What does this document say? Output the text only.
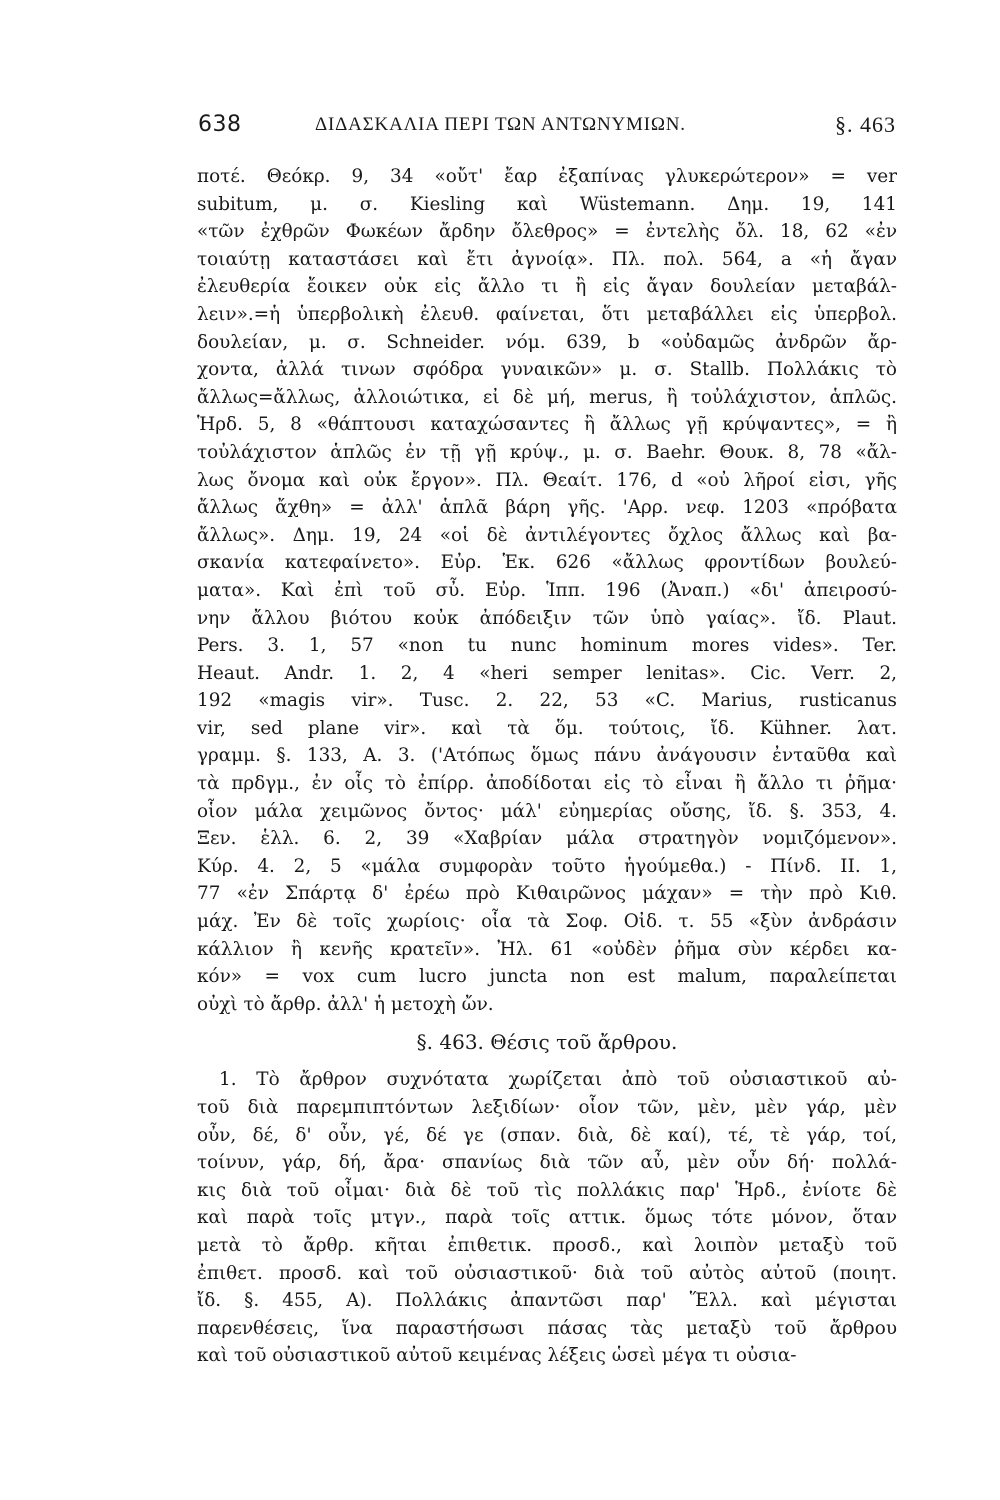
638	ΔΙΔΑΣΚΑΛΙΑ ΠΕΡΙ ΤΩΝ ΑΝΤΩΝΥΜΙΩΝ.	§. 463
ποτέ. Θεόκρ. 9, 34 «οὔτ' ἔαρ ἐξαπίνας γλυκερώτερον» = ver
subitum, μ. σ. Kiesling καὶ Wüstemann. Δημ. 19, 141
«τῶν ἐχθρῶν Φωκέων ἄρδην ὄλεθρος» = ἐντελὴς ὄλ. 18, 62 «ἐν
τοιαύτῃ καταστάσει καὶ ἔτι ἀγνοίᾳ». Πλ. πολ. 564, a «ἡ ἄγαν
ἐλευθερία ἔοικεν οὐκ εἰς ἄλλο τι ἢ εἰς ἄγαν δουλείαν μεταβάλ-
λειν».=ἡ ὑπερβολικὴ ἐλευθ. φαίνεται, ὅτι μεταβάλλει εἰς ὑπερβολ.
δουλείαν, μ. σ. Schneider. νόμ. 639, b «οὐδαμῶς ἀνδρῶν ἄρ-
χοντα, ἀλλά τινων σφόδρα γυναικῶν» μ. σ. Stallb. Πολλάκις τὸ
ἄλλως=ἄλλως, ἀλλοιώτικα, εἰ δὲ μή, merus, ἢ τοὐλάχιστον, ἁπλῶς.
Ἡρδ. 5, 8 «θάπτουσι καταχώσαντες ἢ ἄλλως γῇ κρύψαντες», = ἢ
τοὐλάχιστον ἁπλῶς ἐν τῇ γῇ κρύψ., μ. σ. Baehr. Θουκ. 8, 78 «ἄλ-
λως ὄνομα καὶ οὐκ ἔργον». Πλ. Θεαίτ. 176, d «οὐ λῆροί εἰσι, γῆς
ἄλλως ἄχθη» = ἀλλ' ἁπλᾶ βάρη γῆς. 'Αρρ. νεφ. 1203 «πρόβατα
ἄλλως». Δημ. 19, 24 «οἱ δὲ ἀντιλέγοντες ὄχλος ἄλλως καὶ βα-
σκανία κατεφαίνετο». Εὐρ. Ἑκ. 626 «ἄλλως φροντίδων βουλεύ-
ματα». Καὶ ἐπὶ τοῦ σὖ. Εὐρ. Ἱππ. 196 (Ἀναπ.) «δι' ἀπειροσύ-
νην ἄλλου βιότου κοὐκ ἀπόδειξιν τῶν ὑπὸ γαίας». ἴδ. Plaut.
Pers. 3. 1, 57 «non tu nunc hominum mores vides». Ter.
Heaut. Andr. 1. 2, 4 «heri semper lenitas». Cic. Verr. 2,
192 «magis vir». Tusc. 2. 22, 53 «C. Marius, rusticanus
vir, sed plane vir». καὶ τὰ ὅμ. τούτοις, ἴδ. Kühner. λατ.
γραμμ. §. 133, A. 3. ('Ατόπως ὅμως πάνυ ἀνάγουσιν ἐνταῦθα καὶ
τὰ πρδγμ., ἐν οἷς τὸ ἐπίρρ. ἀποδίδοται εἰς τὸ εἶναι ἢ ἄλλο τι ῥῆμα·
οἷον μάλα χειμῶνος ὄντος· μάλ' εὐημερίας οὔσης, ἴδ. §. 353, 4.
Ξεν. ἑλλ. 6. 2, 39 «Χαβρίαν μάλα στρατηγὸν νομιζόμενον».
Κύρ. 4. 2, 5 «μάλα συμφορὰν τοῦτο ἡγούμεθα.) - Πίνδ. II. 1,
77 «ἐν Σπάρτᾳ δ' ἐρέω πρὸ Κιθαιρῶνος μάχαν» = τὴν πρὸ Κιθ.
μάχ. Ἐν δὲ τοῖς χωρίοις· οἷα τὰ Σοφ. Οἰδ. τ. 55 «ξὺν ἀνδράσιν
κάλλιον ἢ κενῆς κρατεῖν». Ἠλ. 61 «οὐδὲν ῥῆμα σὺν κέρδει κα-
κόν» = vox cum lucro juncta non est malum, παραλείπεται
οὐχὶ τὸ ἄρθρ. ἀλλ' ἡ μετοχὴ ὤν.
§. 463. Θέσις τοῦ ἄρθρου.
1. Τὸ ἄρθρον συχνότατα χωρίζεται ἀπὸ τοῦ οὐσιαστικοῦ αὐ-
τοῦ διὰ παρεμπιπτόντων λεξιδίων· οἷον τῶν, μὲν, μὲν γάρ, μὲν
οὖν, δέ, δ' οὖν, γέ, δέ γε (σπαν. διὰ, δὲ καί), τέ, τὲ γάρ, τοί,
τοίνυν, γάρ, δή, ἄρα· σπανίως διὰ τῶν αὖ, μὲν οὖν δή· πολλά-
κις διὰ τοῦ οἶμαι· διὰ δὲ τοῦ τὶς πολλάκις παρ' Ἡρδ., ἐνίοτε δὲ
καὶ παρὰ τοῖς μτγν., παρὰ τοῖς αττικ. ὅμως τότε μόνον, ὅταν
μετὰ τὸ ἄρθρ. κῆται ἐπιθετικ. προσδ., καὶ λοιπὸν μεταξὺ τοῦ
ἐπιθετ. προσδ. καὶ τοῦ οὐσιαστικοῦ· διὰ τοῦ αὐτὸς αὐτοῦ (ποιητ.
ἴδ. §. 455, A). Πολλάκις ἀπαντῶσι παρ' Ἕλλ. καὶ μέγισται
παρενθέσεις, ἵνα παραστήσωσι πάσας τὰς μεταξὺ τοῦ ἄρθρου
καὶ τοῦ οὐσιαστικοῦ αὐτοῦ κειμένας λέξεις ὡσεὶ μέγα τι οὐσια-
